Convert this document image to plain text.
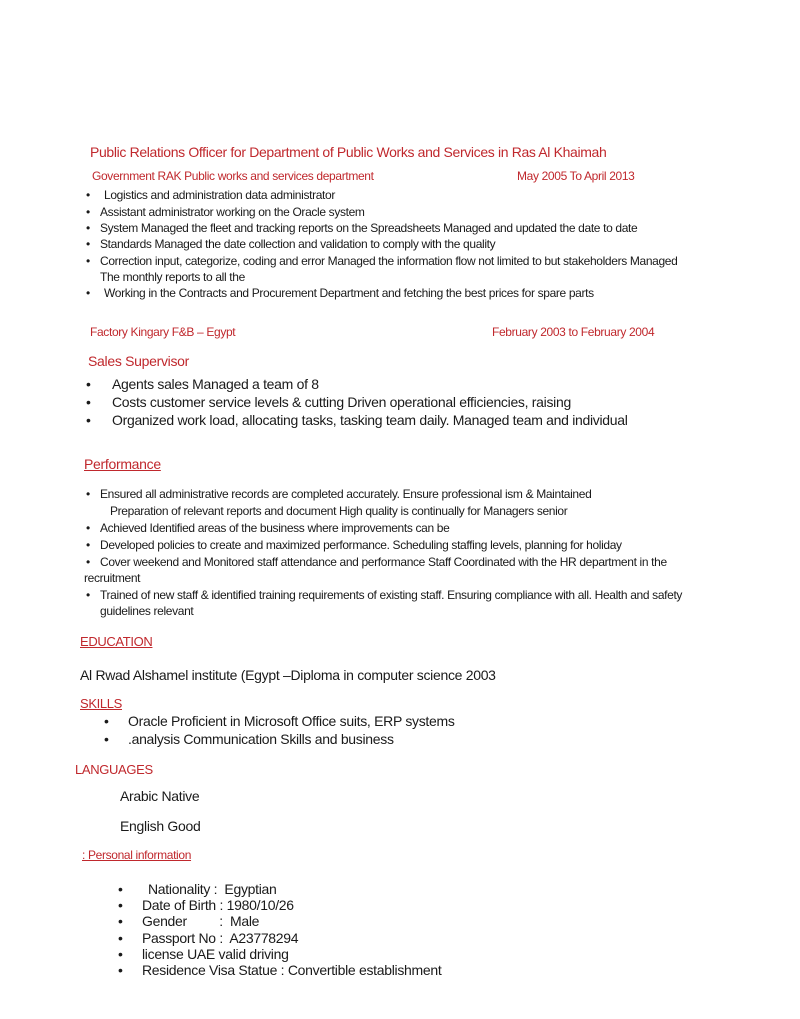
Public Relations Officer for Department of Public Works and Services in Ras Al Khaimah
Government RAK Public works and services department	May 2005 To April 2013
• Logistics and administration data administrator
• Assistant administrator working on the Oracle system
• System Managed the fleet and tracking reports on the Spreadsheets Managed and updated the date to date
• Standards Managed the date collection and validation to comply with the quality
• Correction input, categorize, coding and error Managed the information flow not limited to but stakeholders Managed
The monthly reports to all the
• Working in the Contracts and Procurement Department and fetching the best prices for spare parts
Factory Kingary F&B – Egypt	February 2003 to February 2004
Sales Supervisor
• Agents sales Managed a team of 8
• Costs customer service levels & cutting Driven operational efficiencies, raising
• Organized work load, allocating tasks, tasking team daily. Managed team and individual
Performance
• Ensured all administrative records are completed accurately. Ensure professional ism & Maintained
Preparation of relevant reports and document High quality is continually for Managers senior
• Achieved Identified areas of the business where improvements can be
• Developed policies to create and maximized performance. Scheduling staffing levels, planning for holiday
• Cover weekend and Monitored staff attendance and performance Staff Coordinated with the HR department in the
recruitment
• Trained of new staff & identified training requirements of existing staff. Ensuring compliance with all. Health and safety
guidelines relevant
EDUCATION
Al Rwad Alshamel institute (Egypt –Diploma in computer science 2003
SKILLS
• Oracle Proficient in Microsoft Office suits, ERP systems
• .analysis Communication Skills and business
LANGUAGES
Arabic Native
English Good
: Personal information
• Nationality :  Egyptian
• Date of Birth : 1980/10/26
• Gender         :  Male
• Passport No :  A23778294
• license UAE valid driving
• Residence Visa Statue : Convertible establishment
